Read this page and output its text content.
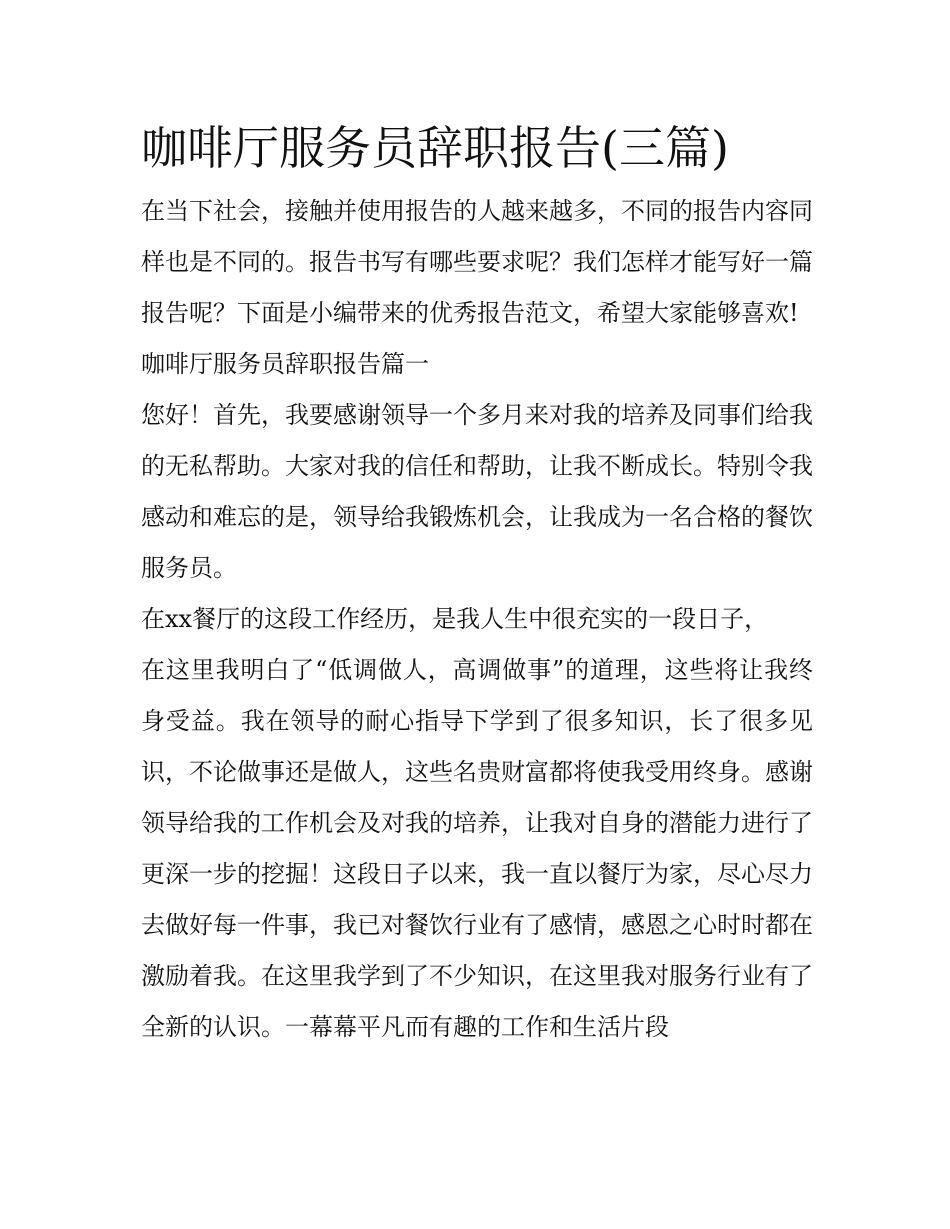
咖啡厅服务员辞职报告(三篇)

在当下社会，接触并使用报告的人越来越多，不同的报告内容同样也是不同的。报告书写有哪些要求呢？我们怎样才能写好一篇报告呢？下面是小编带来的优秀报告范文，希望大家能够喜欢!

咖啡厅服务员辞职报告篇一

您好！首先，我要感谢领导一个多月来对我的培养及同事们给我的无私帮助。大家对我的信任和帮助，让我不断成长。特别令我感动和难忘的是，领导给我锻炼机会，让我成为一名合格的餐饮服务员。

在xx餐厅的这段工作经历，是我人生中很充实的一段日子，

在这里我明白了“低调做人，高调做事”的道理，这些将让我终身受益。我在领导的耐心指导下学到了很多知识，长了很多见识，不论做事还是做人，这些名贵财富都将使我受用终身。感谢领导给我的工作机会及对我的培养，让我对自身的潜能力进行了更深一步的挖掘！这段日子以来，我一直以餐厅为家，尽心尽力去做好每一件事，我已对餐饮行业有了感情，感恩之心时时都在激励着我。在这里我学到了不少知识，在这里我对服务行业有了全新的认识。一幕幕平凡而有趣的工作和生活片段
